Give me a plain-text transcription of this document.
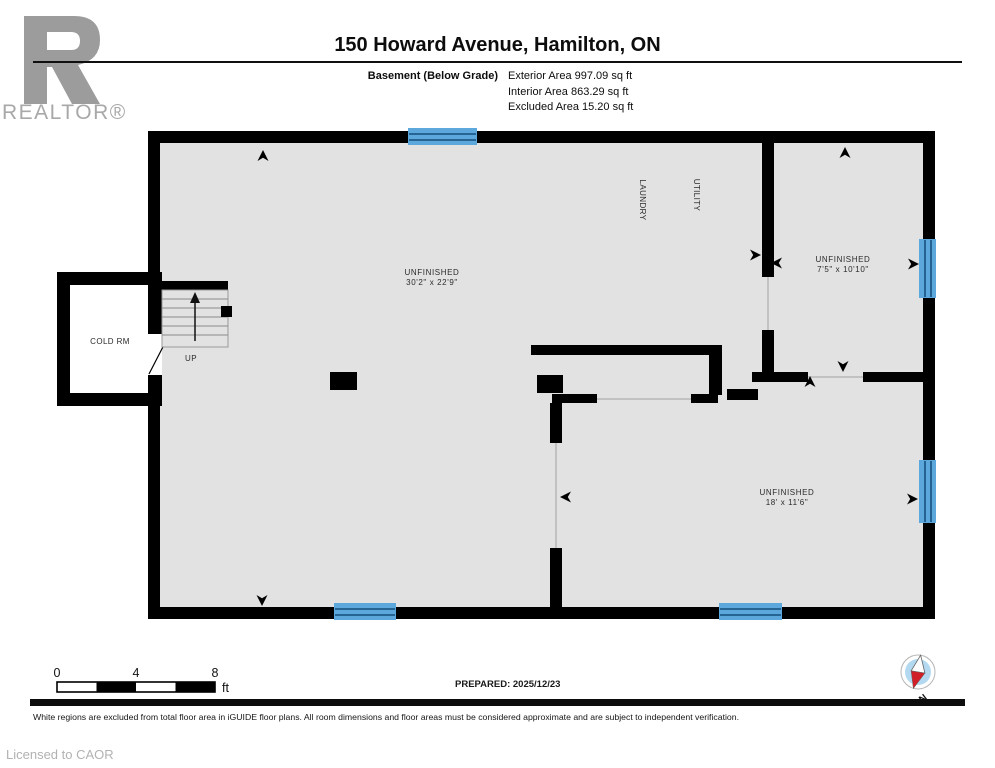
REALTOR®
150 Howard Avenue, Hamilton, ON
Basement (Below Grade) Exterior Area 997.09 sq ft
Interior Area 863.29 sq ft
Excluded Area 15.20 sq ft
UNFINISHED
30'2" x 22'9"
UNFINISHED
7'5" x 10'10"
UNFINISHED
18' x 11'6"
COLD RM
UP
LAUNDRY	UTILITY
0	4	8
ft	PREPARED: 2025/12/23
White regions are excluded from total floor area in iGUIDE floor plans. All room dimensions and floor areas must be considered approximate and are subject to independent verification.
Licensed to CAOR
